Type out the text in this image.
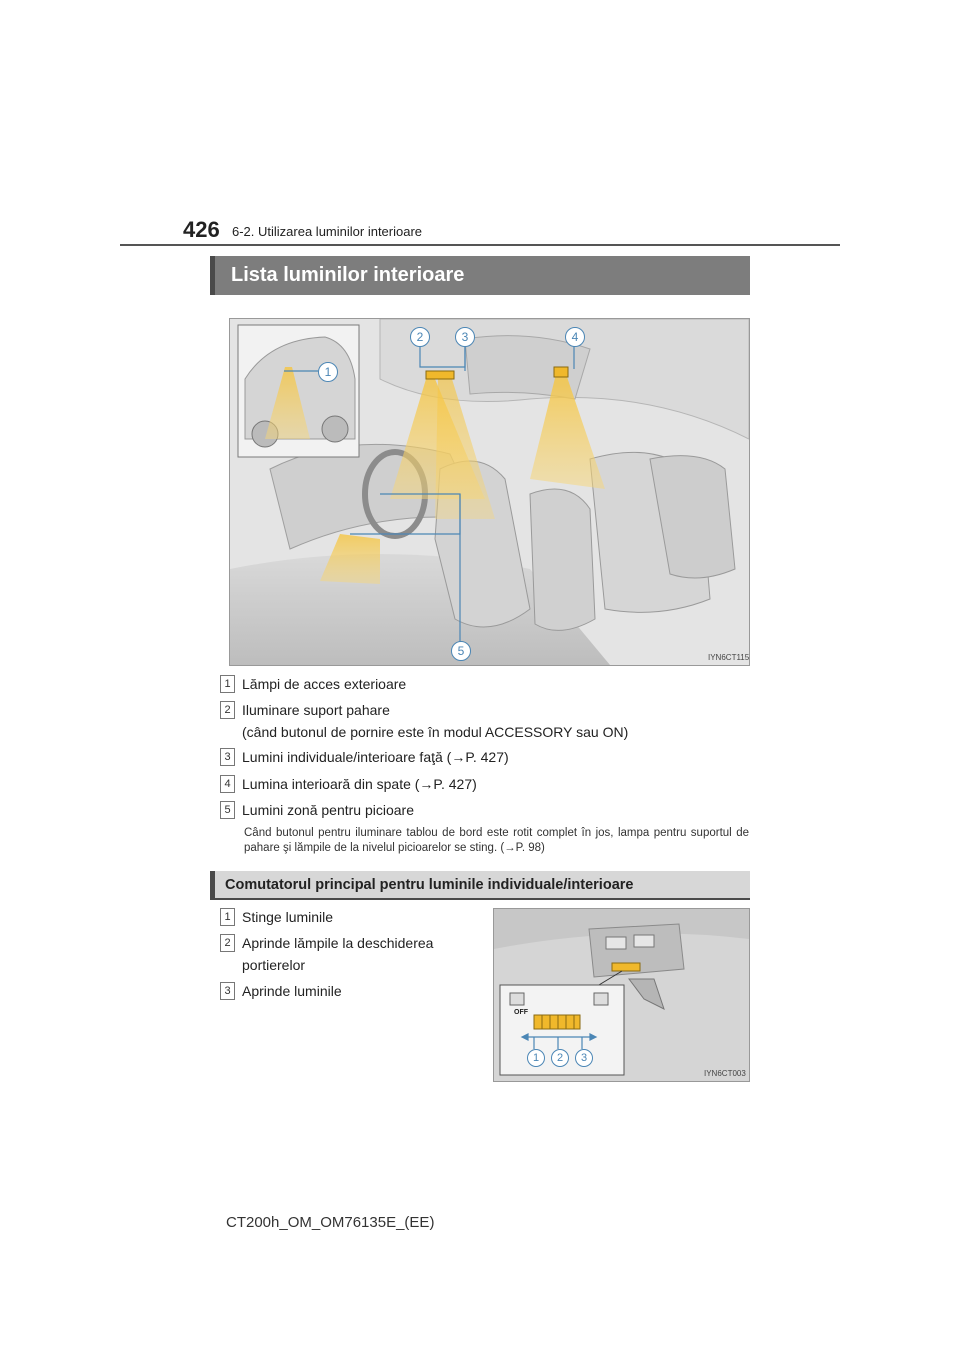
426 6-2. Utilizarea luminilor interioare
Lista luminilor interioare
1
2	3	4
5	IYN6CT115
1 Lămpi de acces exterioare
2 Iluminare suport pahare
(când butonul de pornire este în modul ACCESSORY sau ON)
3 Lumini individuale/interioare faţă (→P. 427)
4 Lumina interioară din spate (→P. 427)
5 Lumini zonă pentru picioare
Când butonul pentru iluminare tablou de bord este rotit complet în jos, lampa pentru suportul de pahare şi lămpile de la nivelul picioarelor se sting. (→P. 98)
Comutatorul principal pentru luminile individuale/interioare
1 Stinge luminile
2 Aprinde lămpile la deschiderea
portierelor
3 Aprinde luminile
OFF
1	2	3
IYN6CT003
CT200h_OM_OM76135E_(EE)
